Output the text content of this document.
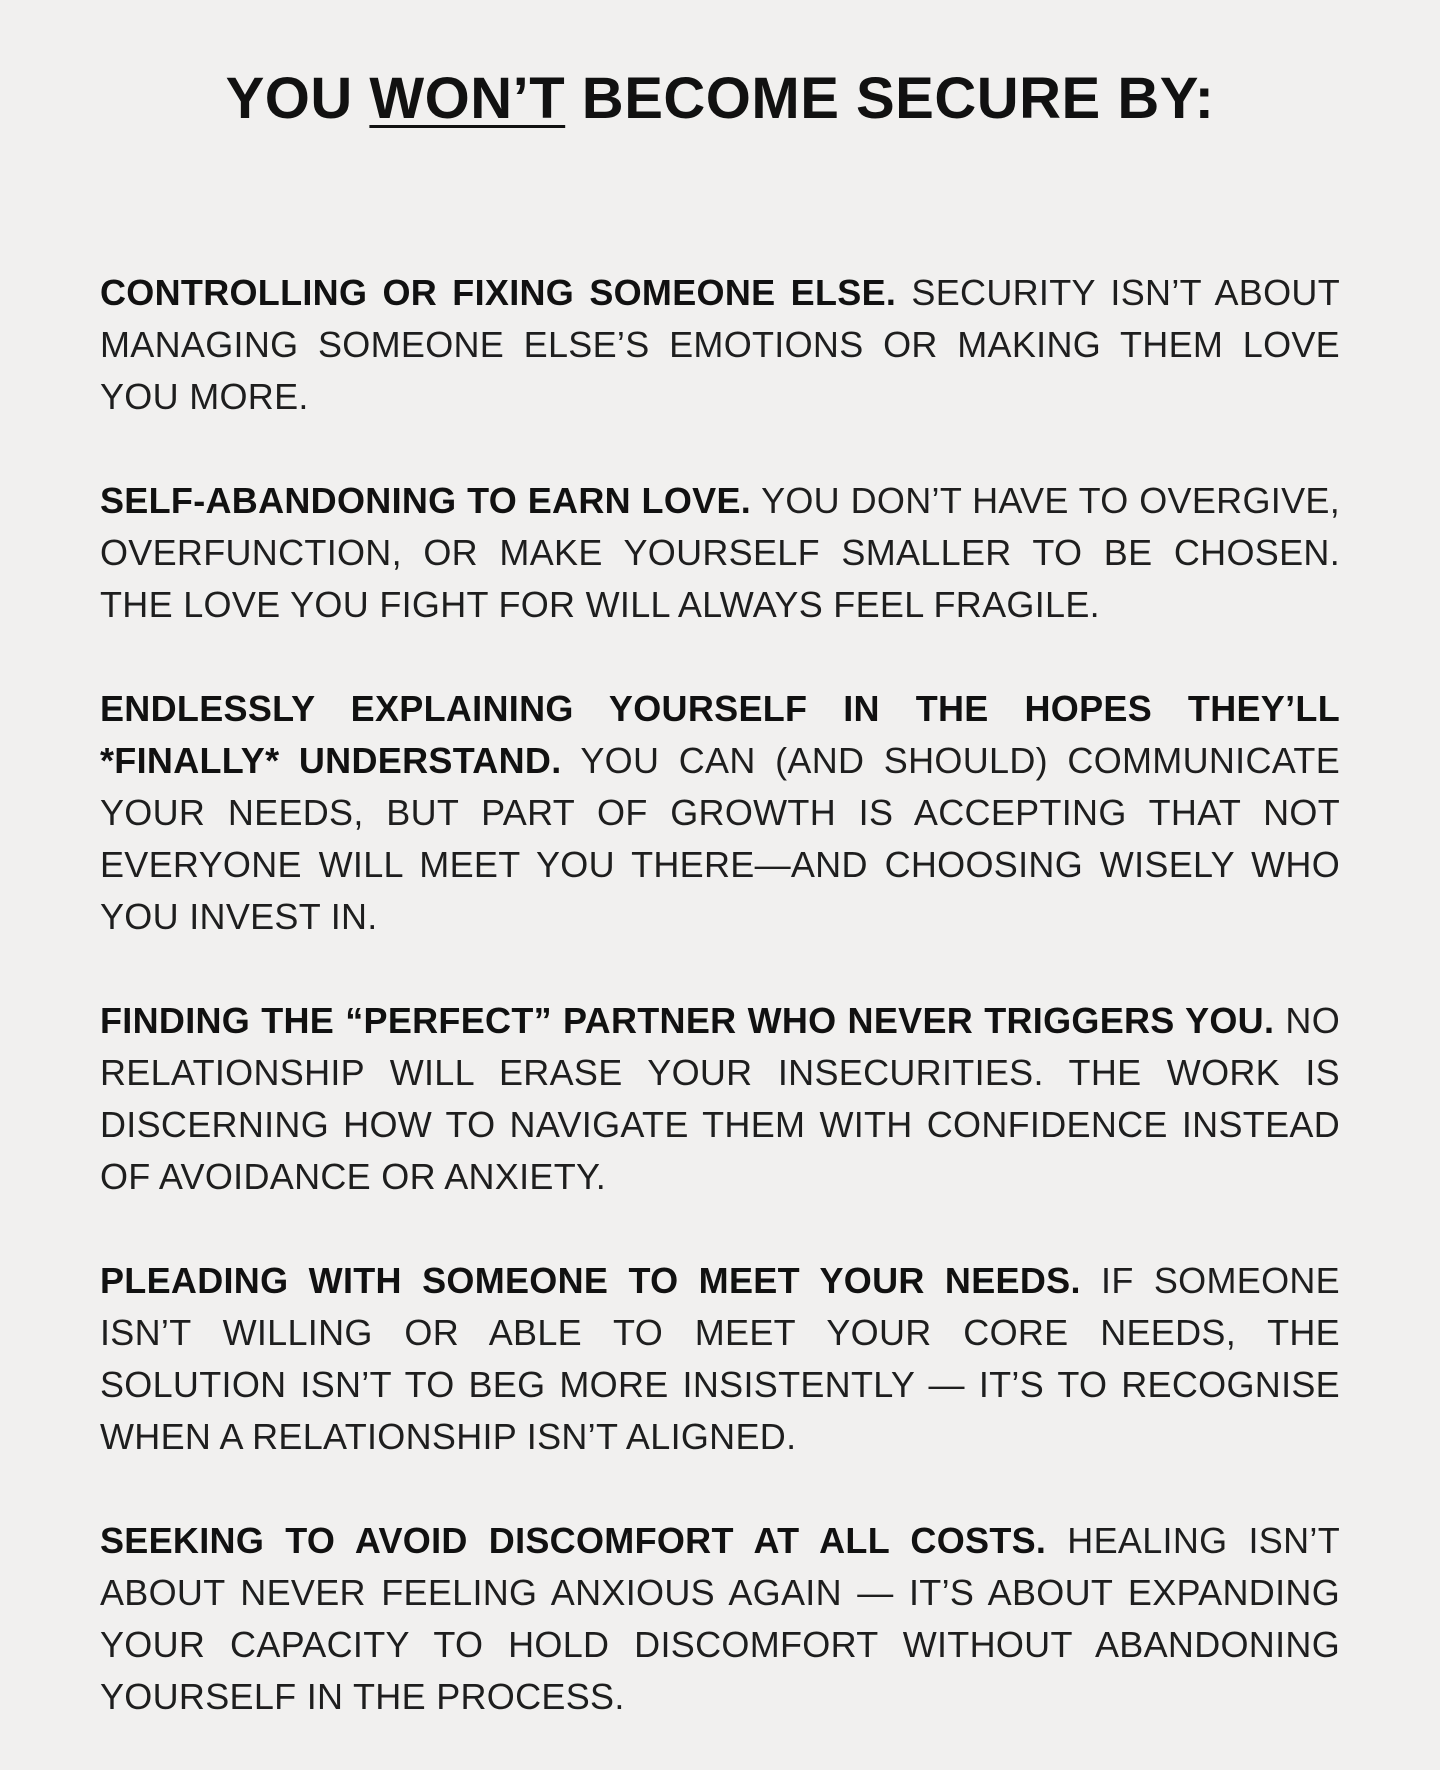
YOU WON’T BECOME SECURE BY:

CONTROLLING OR FIXING SOMEONE ELSE. SECURITY ISN’T ABOUT MANAGING SOMEONE ELSE’S EMOTIONS OR MAKING THEM LOVE YOU MORE.

SELF-ABANDONING TO EARN LOVE. YOU DON’T HAVE TO OVERGIVE, OVERFUNCTION, OR MAKE YOURSELF SMALLER TO BE CHOSEN. THE LOVE YOU FIGHT FOR WILL ALWAYS FEEL FRAGILE.

ENDLESSLY EXPLAINING YOURSELF IN THE HOPES THEY’LL *FINALLY* UNDERSTAND. YOU CAN (AND SHOULD) COMMUNICATE YOUR NEEDS, BUT PART OF GROWTH IS ACCEPTING THAT NOT EVERYONE WILL MEET YOU THERE—AND CHOOSING WISELY WHO YOU INVEST IN.

FINDING THE “PERFECT” PARTNER WHO NEVER TRIGGERS YOU. NO RELATIONSHIP WILL ERASE YOUR INSECURITIES. THE WORK IS DISCERNING HOW TO NAVIGATE THEM WITH CONFIDENCE INSTEAD OF AVOIDANCE OR ANXIETY.

PLEADING WITH SOMEONE TO MEET YOUR NEEDS. IF SOMEONE ISN’T WILLING OR ABLE TO MEET YOUR CORE NEEDS, THE SOLUTION ISN’T TO BEG MORE INSISTENTLY — IT’S TO RECOGNISE WHEN A RELATIONSHIP ISN’T ALIGNED.

SEEKING TO AVOID DISCOMFORT AT ALL COSTS. HEALING ISN’T ABOUT NEVER FEELING ANXIOUS AGAIN — IT’S ABOUT EXPANDING YOUR CAPACITY TO HOLD DISCOMFORT WITHOUT ABANDONING YOURSELF IN THE PROCESS.
